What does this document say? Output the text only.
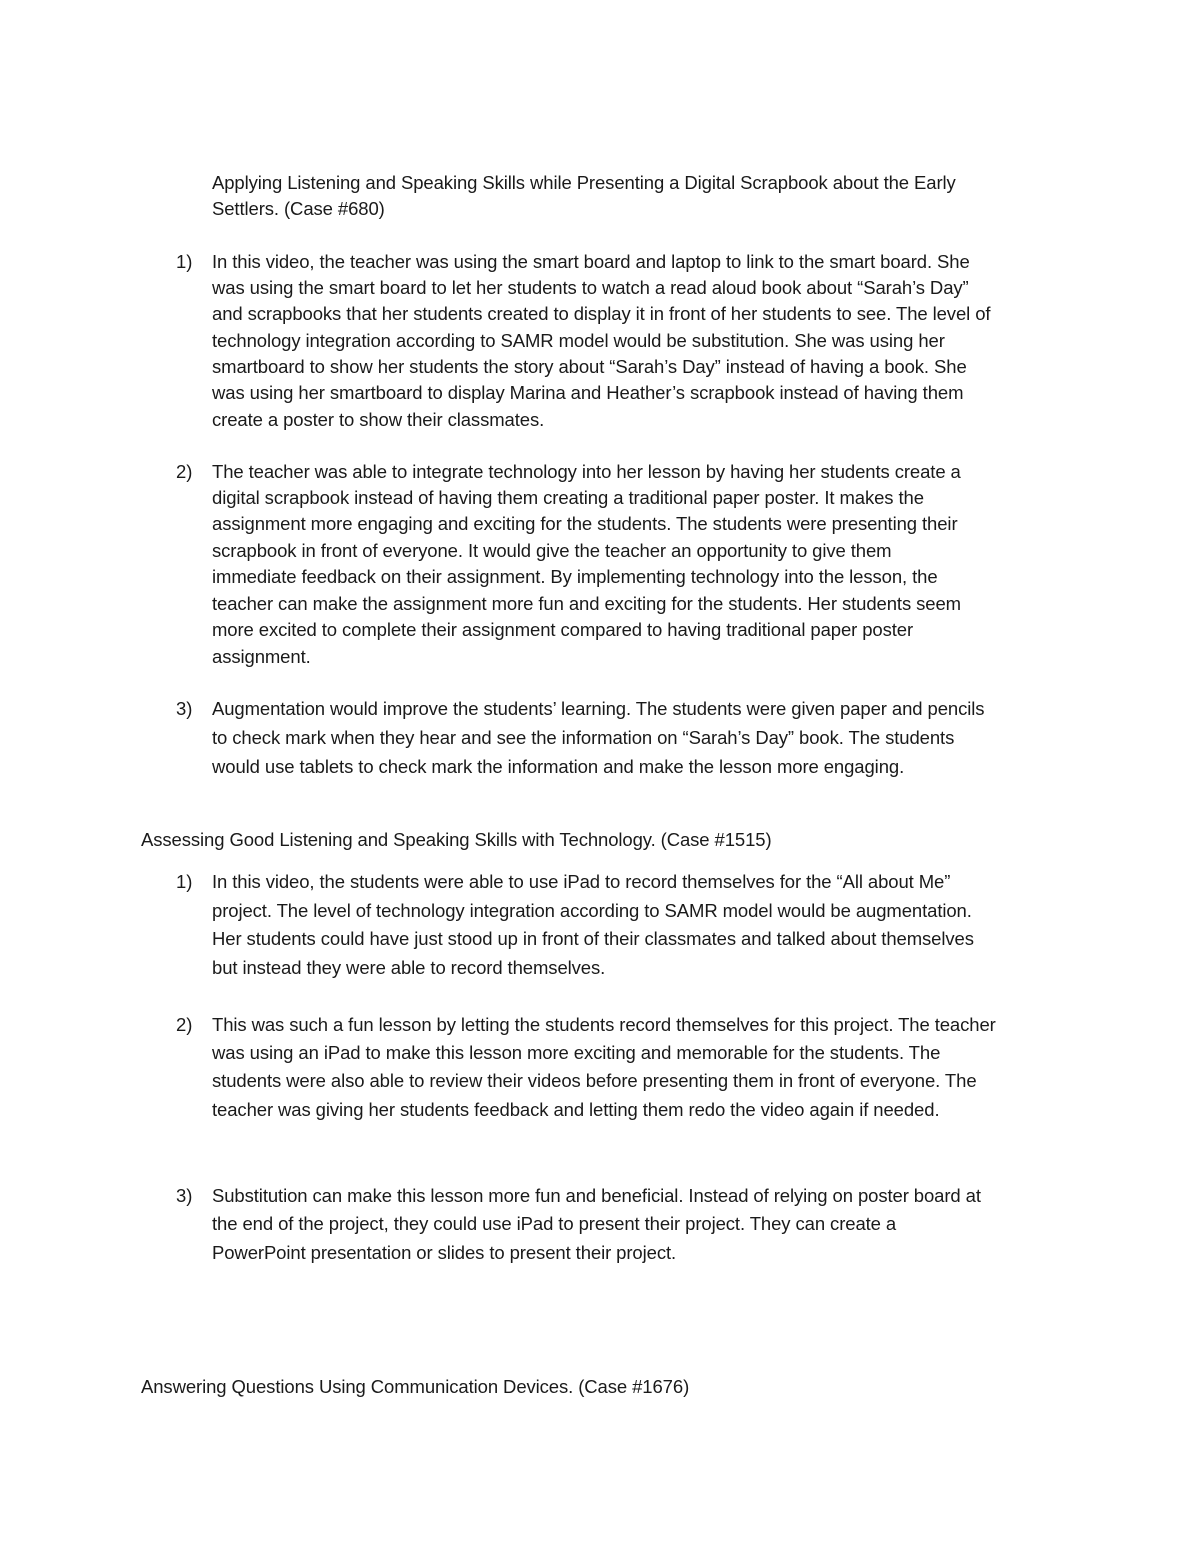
Applying Listening and Speaking Skills while Presenting a Digital Scrapbook about the Early
Settlers. (Case #680)
1) In this video, the teacher was using the smart board and laptop to link to the smart board. She
was using the smart board to let her students to watch a read aloud book about “Sarah’s Day”
and scrapbooks that her students created to display it in front of her students to see. The level of
technology integration according to SAMR model would be substitution. She was using her
smartboard to show her students the story about “Sarah’s Day” instead of having a book. She
was using her smartboard to display Marina and Heather’s scrapbook instead of having them
create a poster to show their classmates.
2) The teacher was able to integrate technology into her lesson by having her students create a
digital scrapbook instead of having them creating a traditional paper poster. It makes the
assignment more engaging and exciting for the students. The students were presenting their
scrapbook in front of everyone. It would give the teacher an opportunity to give them
immediate feedback on their assignment. By implementing technology into the lesson, the
teacher can make the assignment more fun and exciting for the students. Her students seem
more excited to complete their assignment compared to having traditional paper poster
assignment.
3) Augmentation would improve the students’ learning. The students were given paper and pencils
to check mark when they hear and see the information on “Sarah’s Day” book. The students
would use tablets to check mark the information and make the lesson more engaging.
Assessing Good Listening and Speaking Skills with Technology. (Case #1515)
1) In this video, the students were able to use iPad to record themselves for the “All about Me”
project. The level of technology integration according to SAMR model would be augmentation.
Her students could have just stood up in front of their classmates and talked about themselves
but instead they were able to record themselves.
2) This was such a fun lesson by letting the students record themselves for this project. The teacher
was using an iPad to make this lesson more exciting and memorable for the students. The
students were also able to review their videos before presenting them in front of everyone. The
teacher was giving her students feedback and letting them redo the video again if needed.
3) Substitution can make this lesson more fun and beneficial. Instead of relying on poster board at
the end of the project, they could use iPad to present their project. They can create a
PowerPoint presentation or slides to present their project.
Answering Questions Using Communication Devices. (Case #1676)
